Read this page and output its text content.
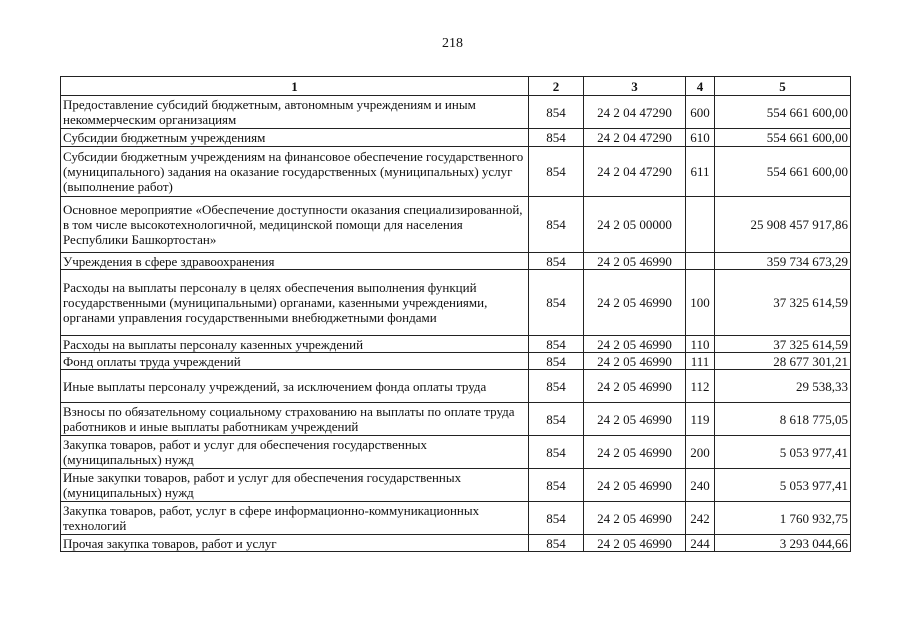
218
1	2	3	4	5
Предоставление субсидий бюджетным, автономным учреждениям и иным некоммерческим организациям	854	24 2 04 47290	600	554 661 600,00
Субсидии бюджетным учреждениям	854	24 2 04 47290	610	554 661 600,00
Субсидии бюджетным учреждениям на финансовое обеспечение государственного (муниципального) задания на оказание государственных (муниципальных) услуг (выполнение работ)	854	24 2 04 47290	611	554 661 600,00
Основное мероприятие «Обеспечение доступности оказания специализированной, в том числе высокотехнологичной, медицинской помощи для населения Республики Башкортостан»	854	24 2 05 00000		25 908 457 917,86
Учреждения в сфере здравоохранения	854	24 2 05 46990		359 734 673,29
Расходы на выплаты персоналу в целях обеспечения выполнения функций государственными (муниципальными) органами, казенными учреждениями, органами управления государственными внебюджетными фондами	854	24 2 05 46990	100	37 325 614,59
Расходы на выплаты персоналу казенных учреждений	854	24 2 05 46990	110	37 325 614,59
Фонд оплаты труда учреждений	854	24 2 05 46990	111	28 677 301,21
Иные выплаты персоналу учреждений, за исключением фонда оплаты труда	854	24 2 05 46990	112	29 538,33
Взносы по обязательному социальному страхованию на выплаты по оплате труда работников и иные выплаты работникам учреждений	854	24 2 05 46990	119	8 618 775,05
Закупка товаров, работ и услуг для обеспечения государственных (муниципальных) нужд	854	24 2 05 46990	200	5 053 977,41
Иные закупки товаров, работ и услуг для обеспечения государственных (муниципальных) нужд	854	24 2 05 46990	240	5 053 977,41
Закупка товаров, работ, услуг в сфере информационно-коммуникационных технологий	854	24 2 05 46990	242	1 760 932,75
Прочая закупка товаров, работ и услуг	854	24 2 05 46990	244	3 293 044,66
